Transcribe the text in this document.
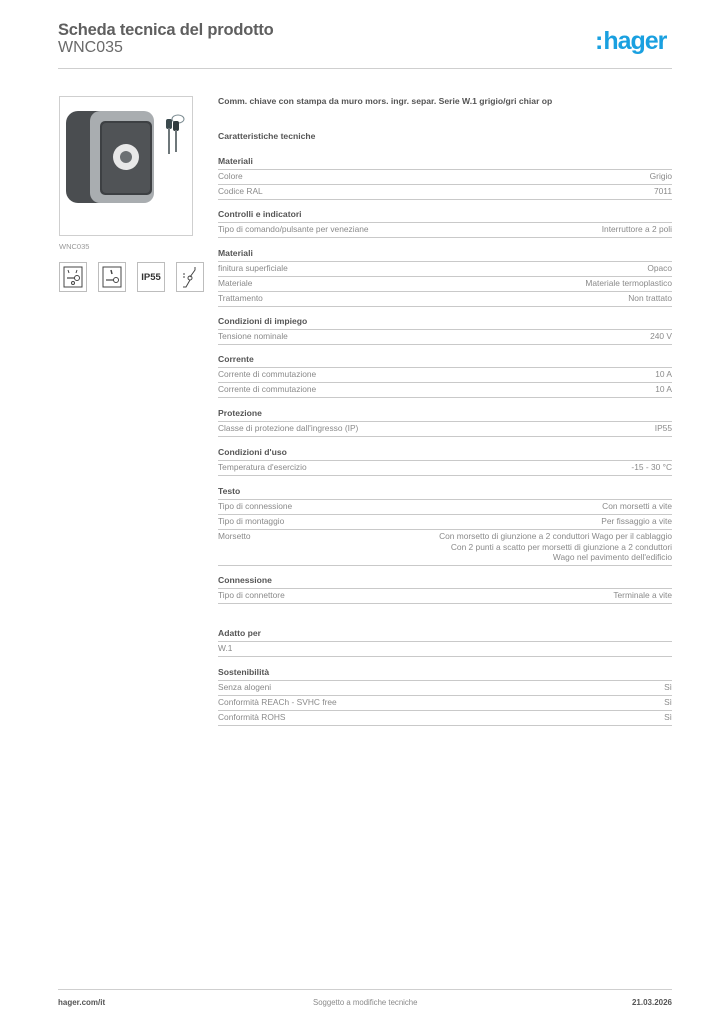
Scheda tecnica del prodotto
WNC035	:hager
WNC035
IP55
Comm. chiave con stampa da muro mors. ingr. separ. Serie W.1 grigio/gri chiar op
Caratteristiche tecniche
Materiali
Colore	Grigio
Codice RAL	7011
Controlli e indicatori
Tipo di comando/pulsante per veneziane	Interruttore a 2 poli
Materiali
finitura superficiale	Opaco
Materiale	Materiale termoplastico
Trattamento	Non trattato
Condizioni di impiego
Tensione nominale	240 V
Corrente
Corrente di commutazione	10 A
Corrente di commutazione	10 A
Protezione
Classe di protezione dall'ingresso (IP)	IP55
Condizioni d'uso
Temperatura d'esercizio	-15 - 30 °C
Testo
Tipo di connessione	Con morsetti a vite
Tipo di montaggio	Per fissaggio a vite
Morsetto	Con morsetto di giunzione a 2 conduttori Wago per il cablaggio
Con 2 punti a scatto per morsetti di giunzione a 2 conduttori
Wago nel pavimento dell'edificio
Connessione
Tipo di connettore	Terminale a vite
Adatto per
W.1
Sostenibilità
Senza alogeni	Sì
Conformità REACh - SVHC free	Sì
Conformità ROHS	Sì
hager.com/it	Soggetto a modifiche tecniche	21.03.2026
